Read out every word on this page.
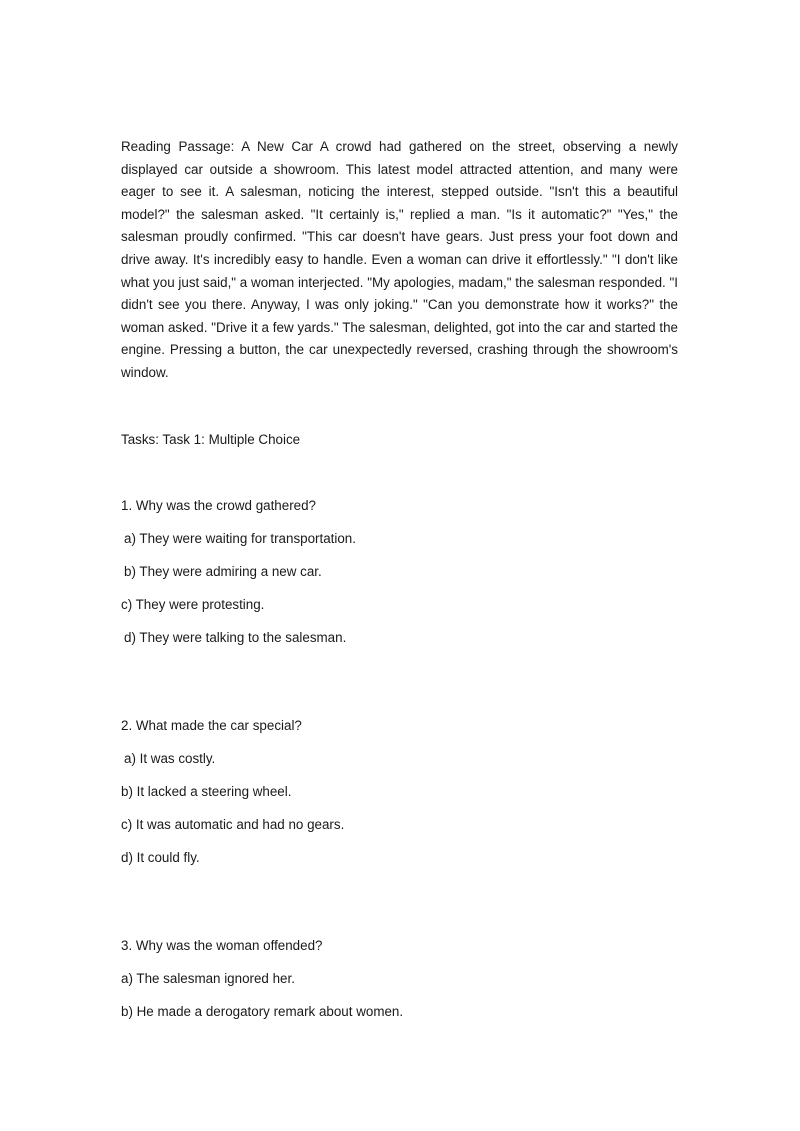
Reading Passage: A New Car A crowd had gathered on the street, observing a newly displayed car outside a showroom. This latest model attracted attention, and many were eager to see it. A salesman, noticing the interest, stepped outside. "Isn't this a beautiful model?" the salesman asked. "It certainly is," replied a man. "Is it automatic?" "Yes," the salesman proudly confirmed. "This car doesn't have gears. Just press your foot down and drive away. It's incredibly easy to handle. Even a woman can drive it effortlessly." "I don't like what you just said," a woman interjected. "My apologies, madam," the salesman responded. "I didn't see you there. Anyway, I was only joking." "Can you demonstrate how it works?" the woman asked. "Drive it a few yards." The salesman, delighted, got into the car and started the engine. Pressing a button, the car unexpectedly reversed, crashing through the showroom's window.

Tasks: Task 1: Multiple Choice

1. Why was the crowd gathered?

a) They were waiting for transportation.

b) They were admiring a new car.

c) They were protesting.

d) They were talking to the salesman.

2. What made the car special?

a) It was costly.

b) It lacked a steering wheel.

c) It was automatic and had no gears.

d) It could fly.

3. Why was the woman offended?

a) The salesman ignored her.

b) He made a derogatory remark about women.
